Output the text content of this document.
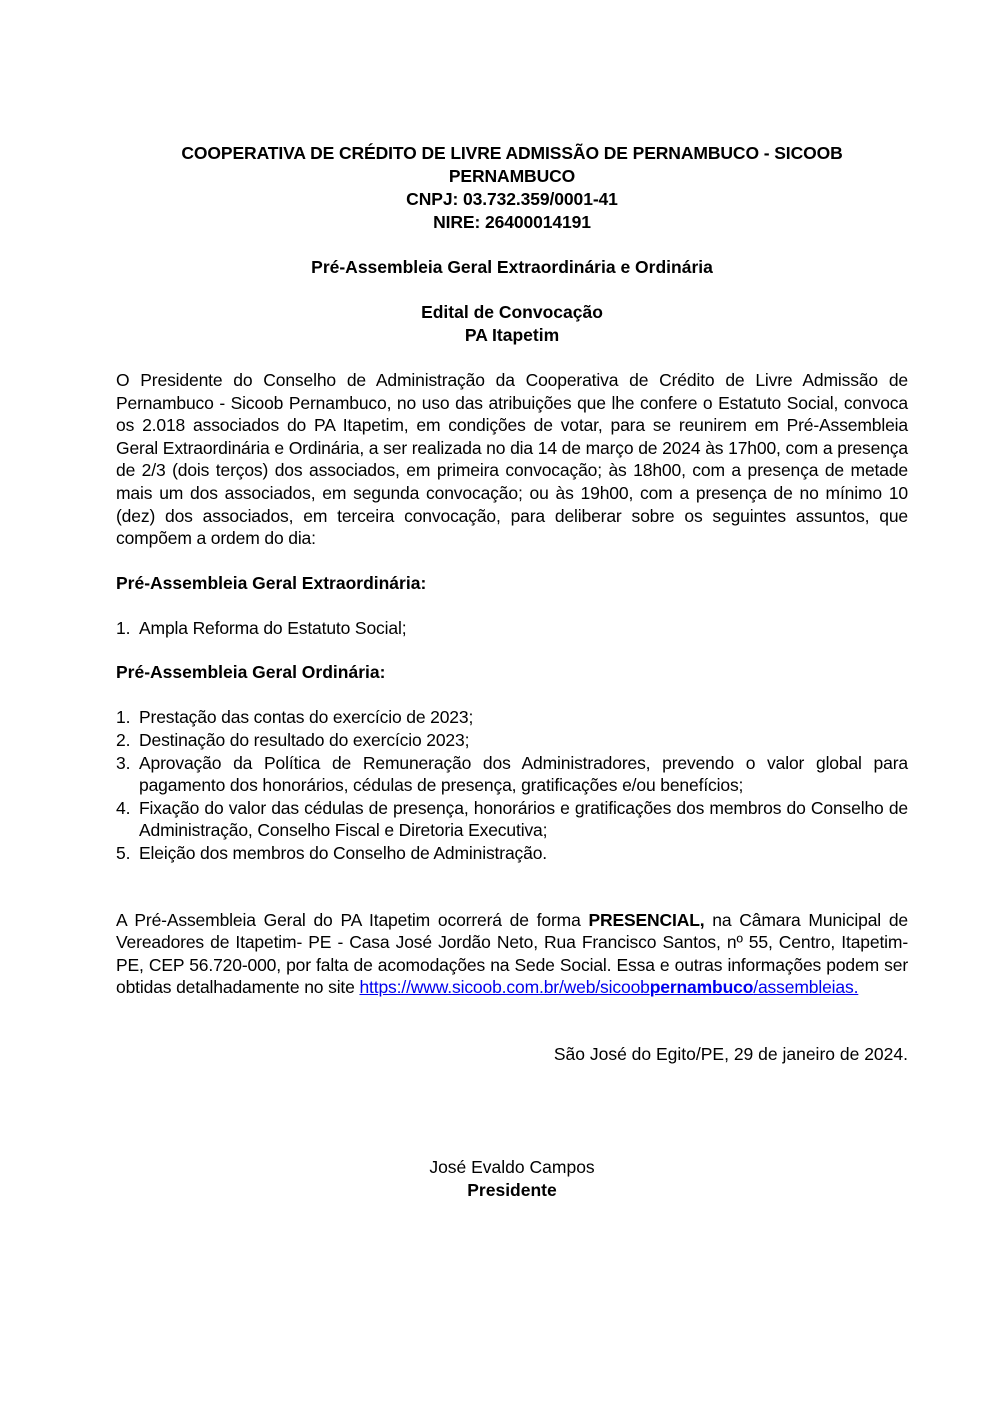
COOPERATIVA DE CRÉDITO DE LIVRE ADMISSÃO DE PERNAMBUCO - SICOOB
PERNAMBUCO
CNPJ: 03.732.359/0001-41
NIRE: 26400014191
Pré-Assembleia Geral Extraordinária e Ordinária
Edital de Convocação
PA Itapetim

O Presidente do Conselho de Administração da Cooperativa de Crédito de Livre Admissão de Pernambuco - Sicoob Pernambuco, no uso das atribuições que lhe confere o Estatuto Social, convoca os 2.018 associados do PA Itapetim, em condições de votar, para se reunirem em Pré-Assembleia Geral Extraordinária e Ordinária, a ser realizada no dia 14 de março de 2024 às 17h00, com a presença de 2/3 (dois terços) dos associados, em primeira convocação; às 18h00, com a presença de metade mais um dos associados, em segunda convocação; ou às 19h00, com a presença de no mínimo 10 (dez) dos associados, em terceira convocação, para deliberar sobre os seguintes assuntos, que compõem a ordem do dia:

Pré-Assembleia Geral Extraordinária:

1. Ampla Reforma do Estatuto Social;

Pré-Assembleia Geral Ordinária:

1. Prestação das contas do exercício de 2023;
2. Destinação do resultado do exercício 2023;
3. Aprovação da Política de Remuneração dos Administradores, prevendo o valor global para pagamento dos honorários, cédulas de presença, gratificações e/ou benefícios;
4. Fixação do valor das cédulas de presença, honorários e gratificações dos membros do Conselho de Administração, Conselho Fiscal e Diretoria Executiva;
5. Eleição dos membros do Conselho de Administração.

A Pré-Assembleia Geral do PA Itapetim ocorrerá de forma PRESENCIAL, na Câmara Municipal de Vereadores de Itapetim- PE - Casa José Jordão Neto, Rua Francisco Santos, nº 55, Centro, Itapetim-PE, CEP 56.720-000, por falta de acomodações na Sede Social. Essa e outras informações podem ser obtidas detalhadamente no site https://www.sicoob.com.br/web/sicoobpernambuco/assembleias.

São José do Egito/PE, 29 de janeiro de 2024.
José Evaldo Campos
Presidente
